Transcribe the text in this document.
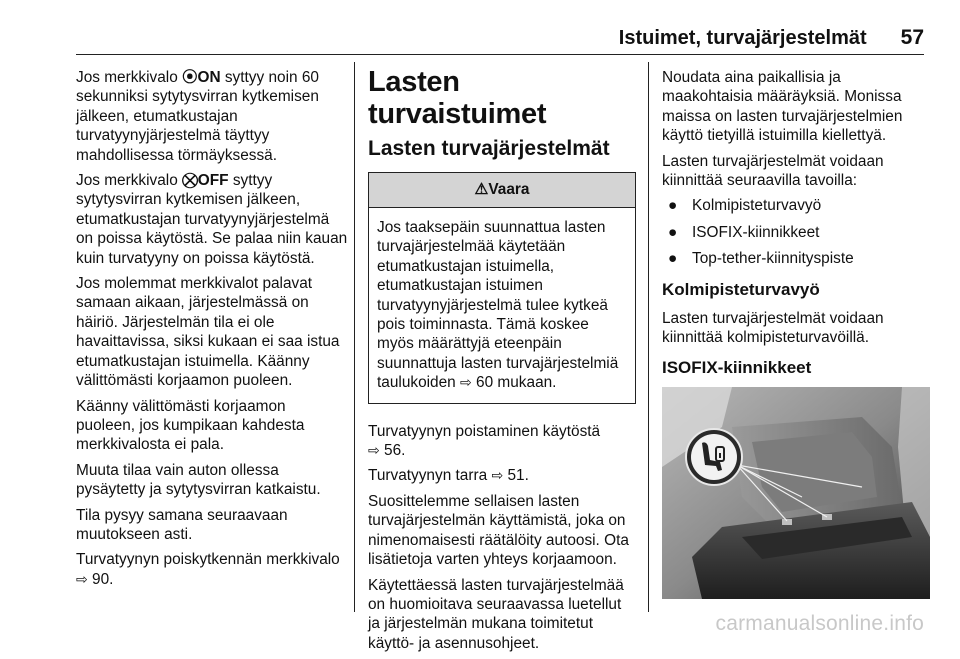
Istuimet, turvajärjestelmät 57

Jos merkkivalo ⦿ON syttyy noin 60 sekunniksi sytytysvirran kytkemisen jälkeen, etumatkustajan turvatyynyjärjestelmä täyttyy mahdollisessa törmäyksessä.

Jos merkkivalo ⛒OFF syttyy sytytysvirran kytkemisen jälkeen, etumatkustajan turvatyynyjärjestelmä on poissa käytöstä. Se palaa niin kauan kuin turvatyyny on poissa käytöstä.

Jos molemmat merkkivalot palavat samaan aikaan, järjestelmässä on häiriö. Järjestelmän tila ei ole havaittavissa, siksi kukaan ei saa istua etumatkustajan istuimella. Käänny välittömästi korjaamon puoleen.

Käänny välittömästi korjaamon puoleen, jos kumpikaan kahdesta merkkivalosta ei pala.

Muuta tilaa vain auton ollessa pysäytetty ja sytytysvirran katkaistu.

Tila pysyy samana seuraavaan muutokseen asti.

Turvatyynyn poiskytkennän merkkivalo ⇨ 90.

Lasten turvaistuimet
Lasten turvajärjestelmät
⚠Vaara

Jos taaksepäin suunnattua lasten turvajärjestelmää käytetään etumatkustajan istuimella, etumatkustajan istuimen turvatyynyjärjestelmä tulee kytkeä pois toiminnasta. Tämä koskee myös määrättyjä eteenpäin suunnattuja lasten turvajärjestelmiä taulukoiden ⇨ 60 mukaan.

Turvatyynyn poistaminen käytöstä
⇨ 56.

Turvatyynyn tarra ⇨ 51.

Suosittelemme sellaisen lasten turvajärjestelmän käyttämistä, joka on nimenomaisesti räätälöity autoosi. Ota lisätietoja varten yhteys korjaamoon.

Käytettäessä lasten turvajärjestelmää on huomioitava seuraavassa luetellut ja järjestelmän mukana toimitetut käyttö- ja asennusohjeet.

Noudata aina paikallisia ja maakohtaisia määräyksiä. Monissa maissa on lasten turvajärjestelmien käyttö tietyillä istuimilla kiellettyä.

Lasten turvajärjestelmät voidaan kiinnittää seuraavilla tavoilla:

● Kolmipisteturvavyö
● ISOFIX-kiinnikkeet
● Top-tether-kiinnityspiste
Kolmipisteturvavyö

Lasten turvajärjestelmät voidaan kiinnittää kolmipisteturvavöillä.

ISOFIX-kiinnikkeet
carmanualsonline.info
